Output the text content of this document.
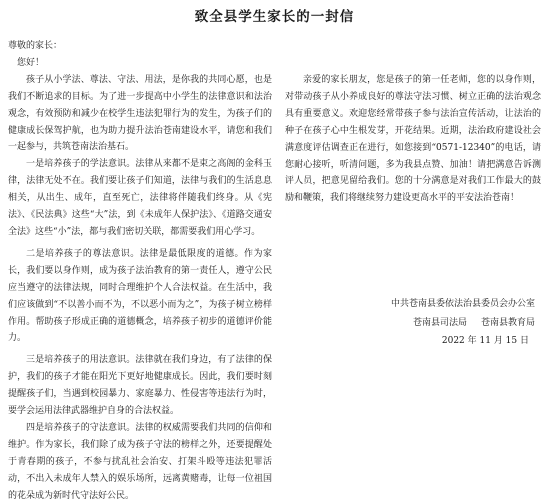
致全县学生家长的一封信

尊敬的家长：

您好！

孩子从小学法、尊法、守法、用法，是你我的共同心愿，也是我们不断追求的目标。为了进一步提高中小学生的法律意识和法治观念，有效预防和减少在校学生违法犯罪行为的发生，为孩子们的健康成长保驾护航，也为助力提升法治苍南建设水平，请您和我们一起参与，共筑苍南法治基石。

一是培养孩子的学法意识。法律从来都不是束之高阁的金科玉律，法律无处不在。我们要让孩子们知道，法律与我们的生活息息相关，从出生、成年，直至死亡，法律将伴随我们终身。从《宪法》、《民法典》这些“大”法，到《未成年人保护法》、《道路交通安全法》这些“小”法，都与我们密切关联，都需要我们用心学习。

二是培养孩子的尊法意识。法律是最低限度的道德。作为家长，我们要以身作则，成为孩子法治教育的第一责任人，遵守公民应当遵守的法律法规，同时合理维护个人合法权益。在生活中，我们应该做到“不以善小而不为，不以恶小而为之”，为孩子树立榜样作用。帮助孩子形成正确的道德概念，培养孩子初步的道德评价能力。

三是培养孩子的用法意识。法律就在我们身边，有了法律的保护，我们的孩子才能在阳光下更好地健康成长。因此，我们要时刻提醒孩子们，当遇到校园暴力、家庭暴力、性侵害等违法行为时，要学会运用法律武器维护自身的合法权益。

四是培养孩子的守法意识。法律的权威需要我们共同的信仰和维护。作为家长，我们除了成为孩子守法的榜样之外，还要提醒处于青春期的孩子，不参与扰乱社会治安、打架斗殴等违法犯罪活动，不出入未成年人禁入的娱乐场所，远离黄赌毒，让每一位祖国的花朵成为新时代守法好公民。

亲爱的家长朋友，您是孩子的第一任老师，您的以身作则，对带动孩子从小养成良好的尊法守法习惯、树立正确的法治观念具有重要意义。欢迎您经常带孩子参与法治宣传活动，让法治的种子在孩子心中生根发芽，开花结果。近期，法治政府建设社会满意度评估调查正在进行，如您接到“0571-12340”的电话，请您耐心接听，听清问题，多为我县点赞、加油！请把满意告诉测评人员，把意见留给我们。您的十分满意是对我们工作最大的鼓励和鞭策，我们将继续努力建设更高水平的平安法治苍南！

中共苍南县委依法治县委员会办公室
苍南县司法局 苍南县教育局
2022 年 11 月 15 日
